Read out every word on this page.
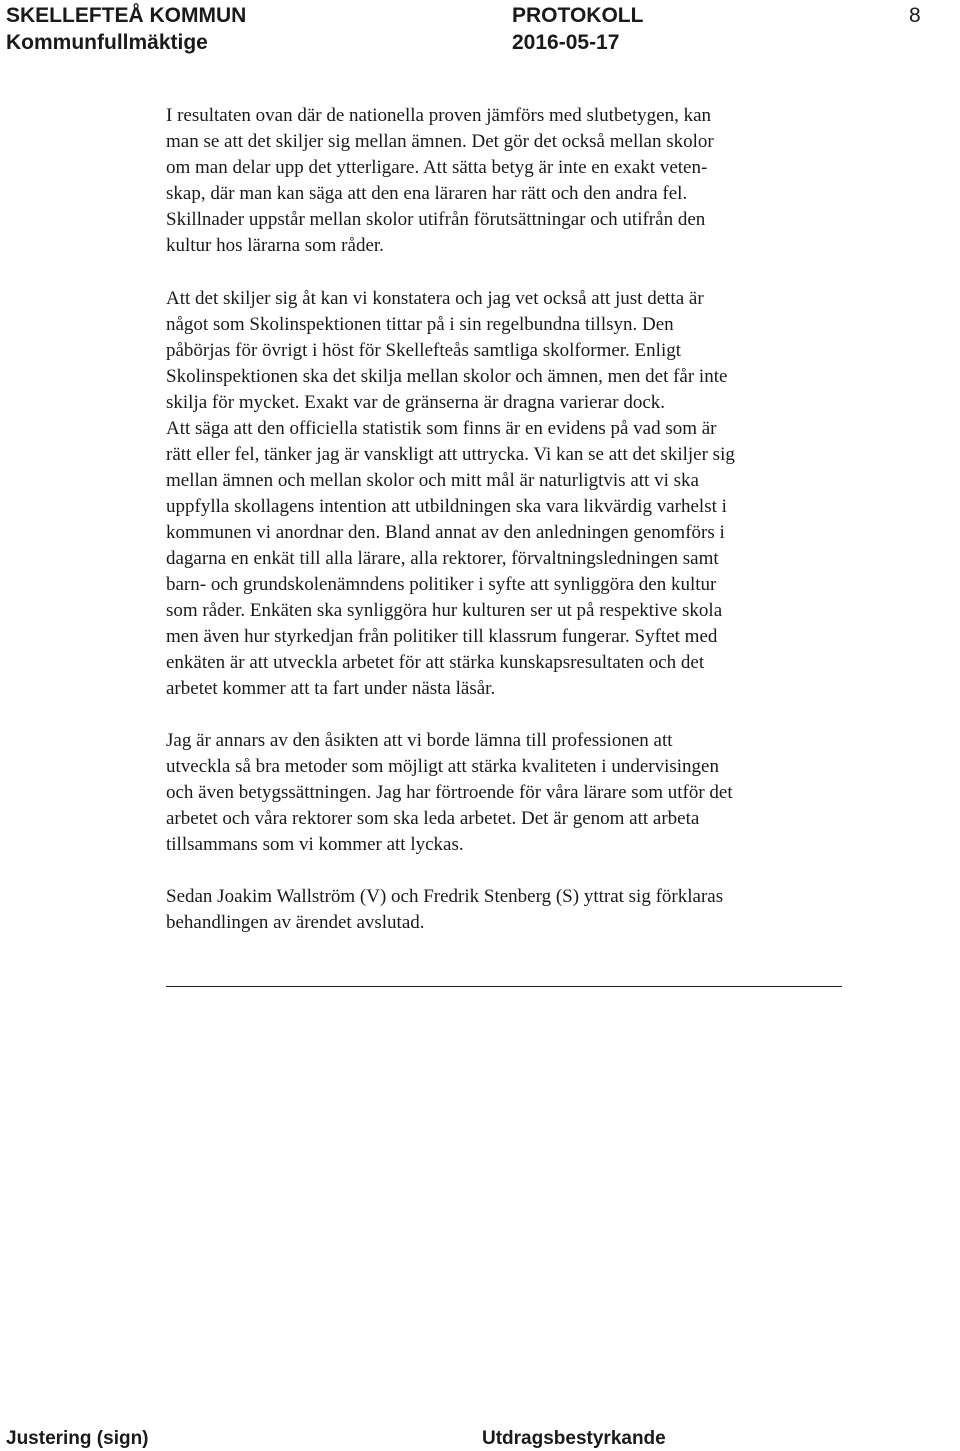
SKELLEFTEÅ KOMMUN
Kommunfullmäktige
PROTOKOLL
2016-05-17
8

I resultaten ovan där de nationella proven jämförs med slutbetygen, kan
man se att det skiljer sig mellan ämnen. Det gör det också mellan skolor
om man delar upp det ytterligare. Att sätta betyg är inte en exakt veten-
skap, där man kan säga att den ena läraren har rätt och den andra fel.
Skillnader uppstår mellan skolor utifrån förutsättningar och utifrån den
kultur hos lärarna som råder.

Att det skiljer sig åt kan vi konstatera och jag vet också att just detta är
något som Skolinspektionen tittar på i sin regelbundna tillsyn. Den
påbörjas för övrigt i höst för Skellefteås samtliga skolformer. Enligt
Skolinspektionen ska det skilja mellan skolor och ämnen, men det får inte
skilja för mycket. Exakt var de gränserna är dragna varierar dock.
Att säga att den officiella statistik som finns är en evidens på vad som är
rätt eller fel, tänker jag är vanskligt att uttrycka. Vi kan se att det skiljer sig
mellan ämnen och mellan skolor och mitt mål är naturligtvis att vi ska
uppfylla skollagens intention att utbildningen ska vara likvärdig varhelst i
kommunen vi anordnar den. Bland annat av den anledningen genomförs i
dagarna en enkät till alla lärare, alla rektorer, förvaltningsledningen samt
barn- och grundskolenämndens politiker i syfte att synliggöra den kultur
som råder. Enkäten ska synliggöra hur kulturen ser ut på respektive skola
men även hur styrkedjan från politiker till klassrum fungerar. Syftet med
enkäten är att utveckla arbetet för att stärka kunskapsresultaten och det
arbetet kommer att ta fart under nästa läsår.

Jag är annars av den åsikten att vi borde lämna till professionen att
utveckla så bra metoder som möjligt att stärka kvaliteten i undervisingen
och även betygssättningen. Jag har förtroende för våra lärare som utför det
arbetet och våra rektorer som ska leda arbetet. Det är genom att arbeta
tillsammans som vi kommer att lyckas.

Sedan Joakim Wallström (V) och Fredrik Stenberg (S) yttrat sig förklaras
behandlingen av ärendet avslutad.

Justering (sign)	Utdragsbestyrkande
